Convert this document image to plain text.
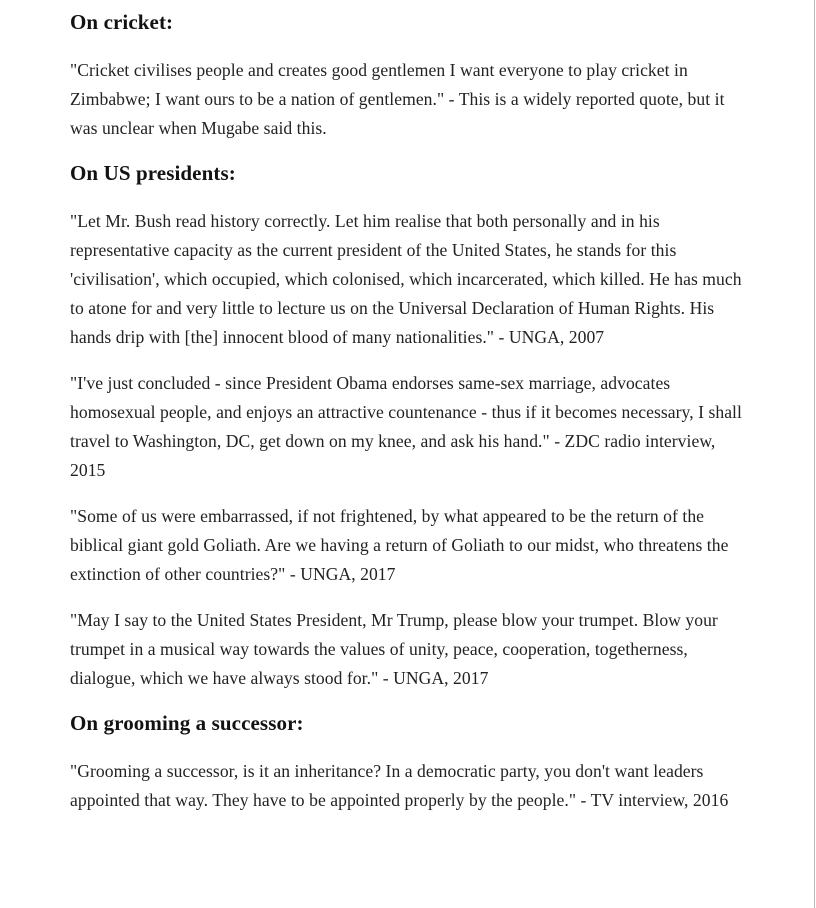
On cricket:

"Cricket civilises people and creates good gentlemen I want everyone to play cricket in Zimbabwe; I want ours to be a nation of gentlemen." - This is a widely reported quote, but it was unclear when Mugabe said this.

On US presidents:

"Let Mr. Bush read history correctly. Let him realise that both personally and in his representative capacity as the current president of the United States, he stands for this 'civilisation', which occupied, which colonised, which incarcerated, which killed. He has much to atone for and very little to lecture us on the Universal Declaration of Human Rights. His hands drip with [the] innocent blood of many nationalities." - UNGA, 2007

"I've just concluded - since President Obama endorses same-sex marriage, advocates homosexual people, and enjoys an attractive countenance - thus if it becomes necessary, I shall travel to Washington, DC, get down on my knee, and ask his hand." - ZDC radio interview, 2015

"Some of us were embarrassed, if not frightened, by what appeared to be the return of the biblical giant gold Goliath. Are we having a return of Goliath to our midst, who threatens the extinction of other countries?" - UNGA, 2017

"May I say to the United States President, Mr Trump, please blow your trumpet. Blow your trumpet in a musical way towards the values of unity, peace, cooperation, togetherness, dialogue, which we have always stood for." - UNGA, 2017

On grooming a successor:

"Grooming a successor, is it an inheritance? In a democratic party, you don't want leaders appointed that way. They have to be appointed properly by the people." - TV interview, 2016
